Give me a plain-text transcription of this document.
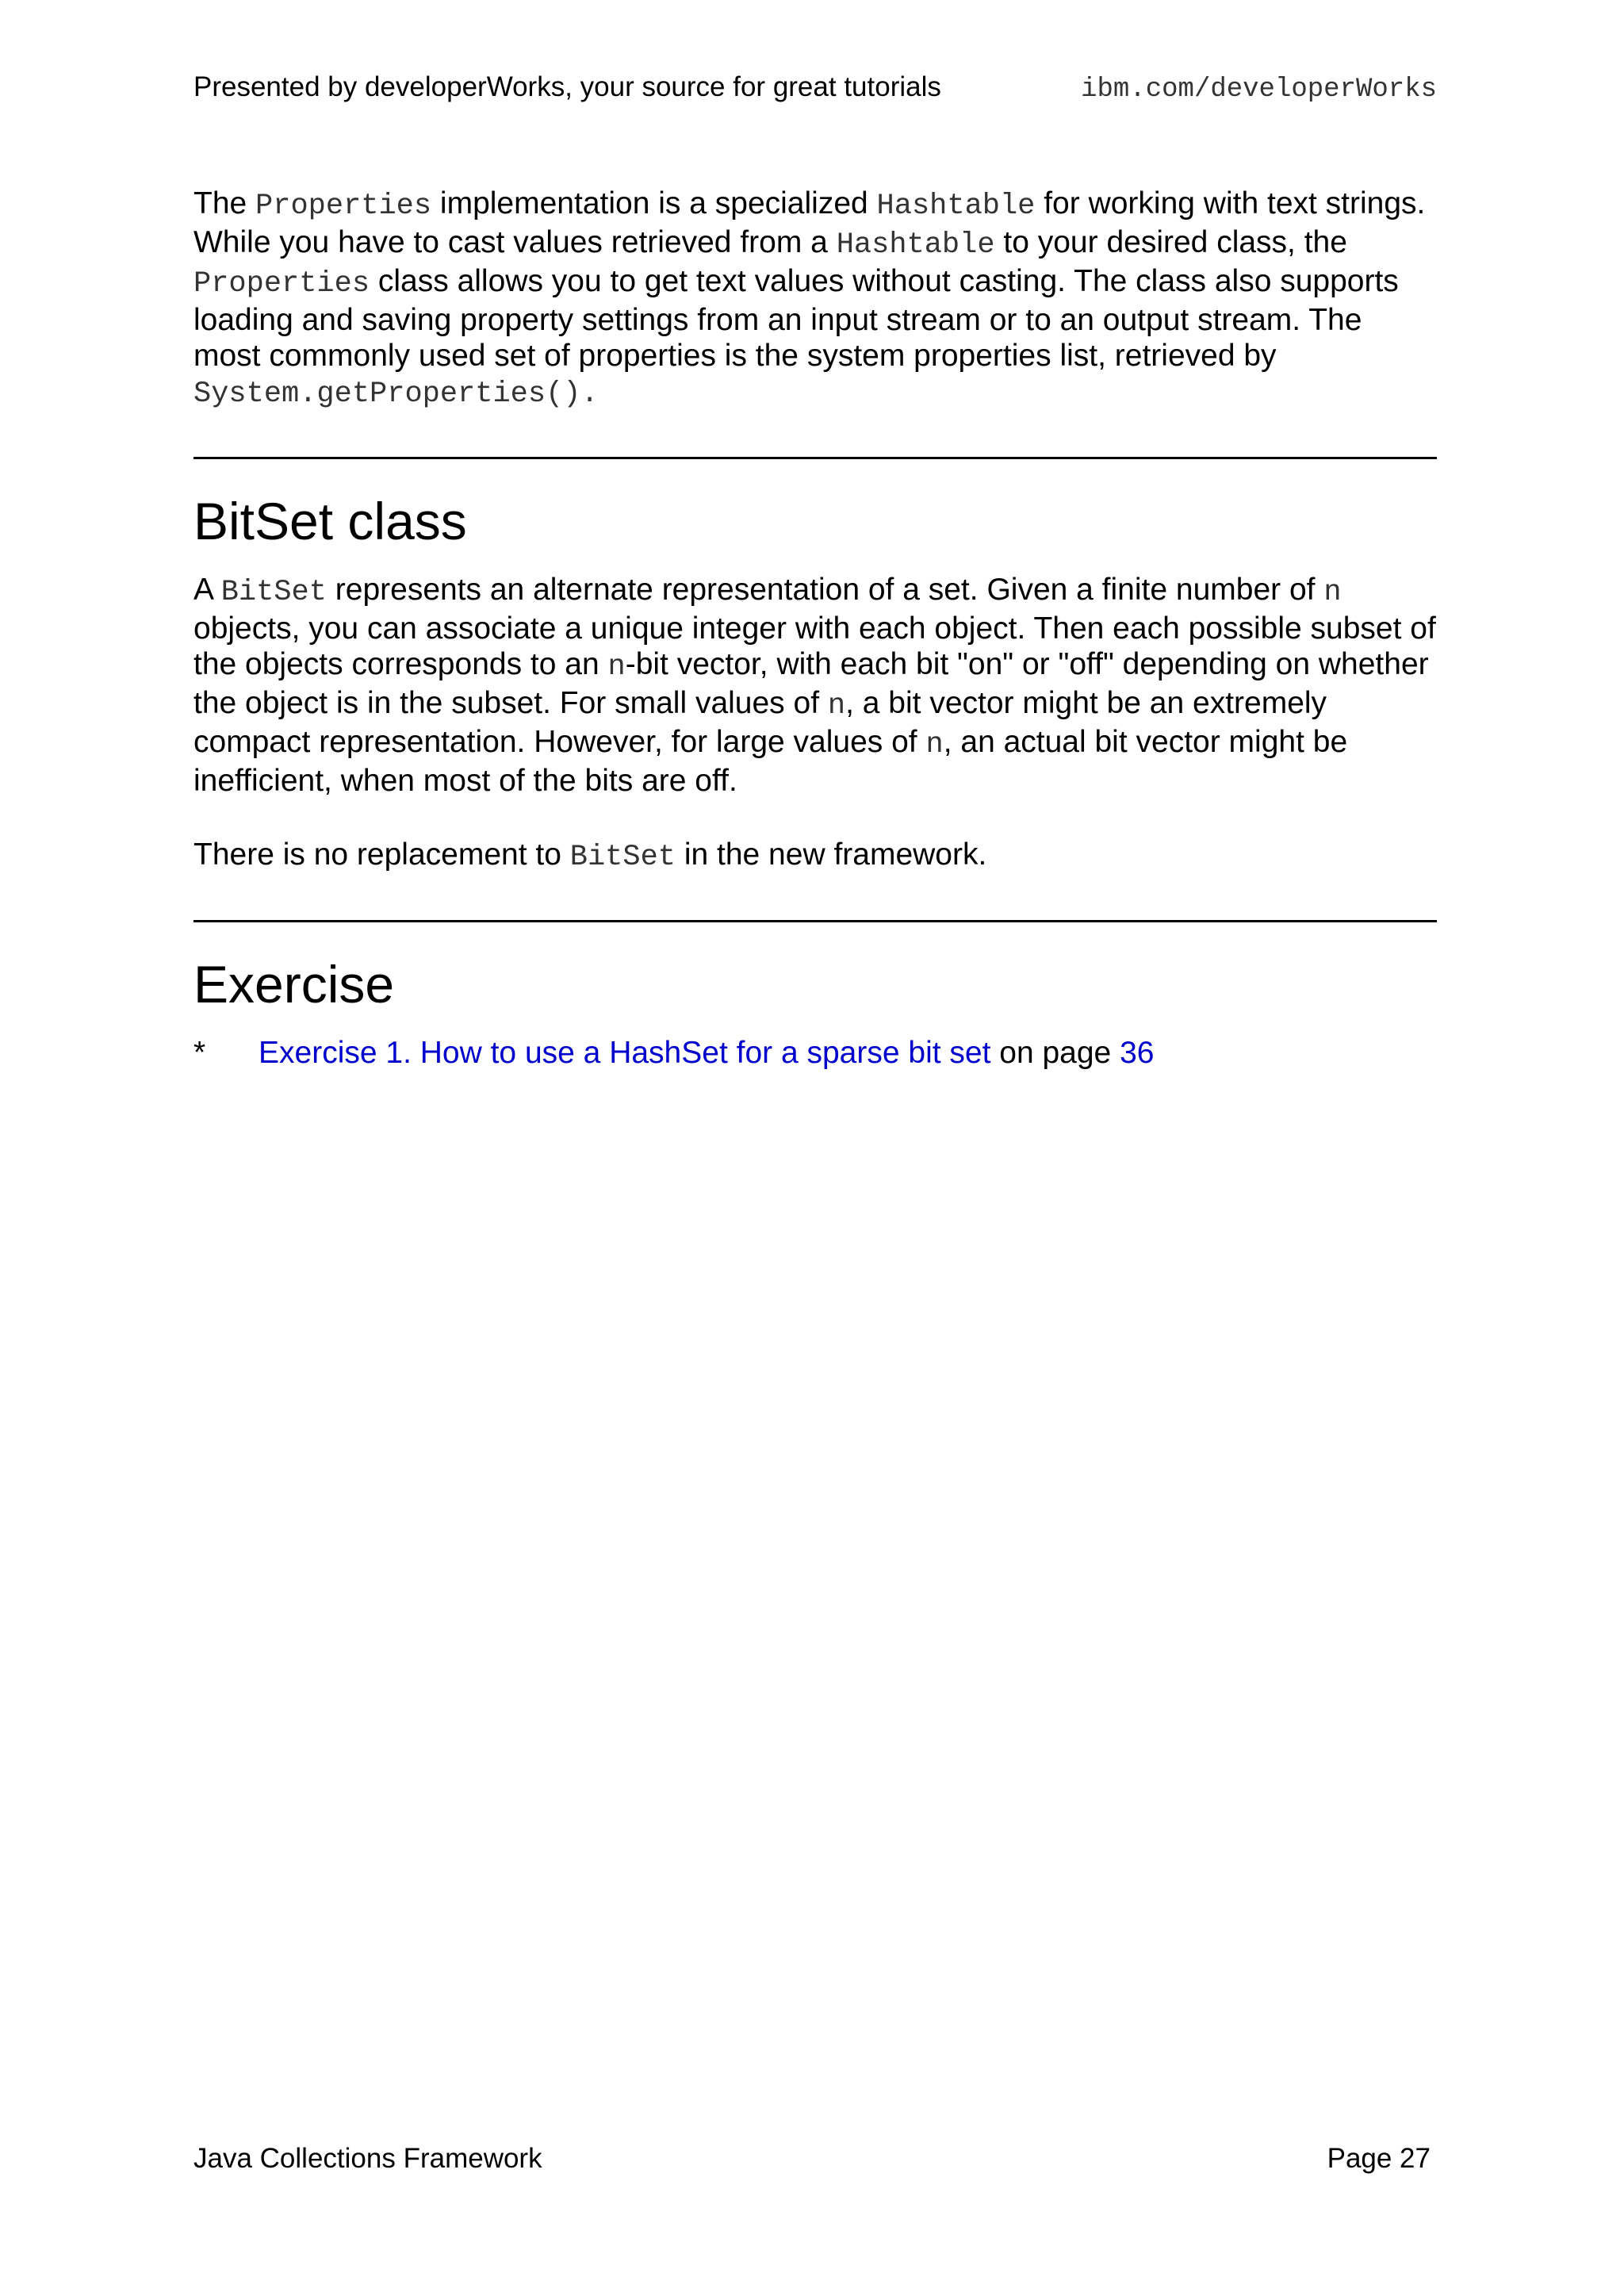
Presented by developerWorks, your source for great tutorials	ibm.com/developerWorks

The Properties implementation is a specialized Hashtable for working with text strings. While you have to cast values retrieved from a Hashtable to your desired class, the Properties class allows you to get text values without casting. The class also supports loading and saving property settings from an input stream or to an output stream. The most commonly used set of properties is the system properties list, retrieved by System.getProperties().

BitSet class

A BitSet represents an alternate representation of a set. Given a finite number of n objects, you can associate a unique integer with each object. Then each possible subset of the objects corresponds to an n-bit vector, with each bit "on" or "off" depending on whether the object is in the subset. For small values of n, a bit vector might be an extremely compact representation. However, for large values of n, an actual bit vector might be inefficient, when most of the bits are off.

There is no replacement to BitSet in the new framework.

Exercise
*	Exercise 1. How to use a HashSet for a sparse bit set on page 36
Java Collections Framework	Page 27
